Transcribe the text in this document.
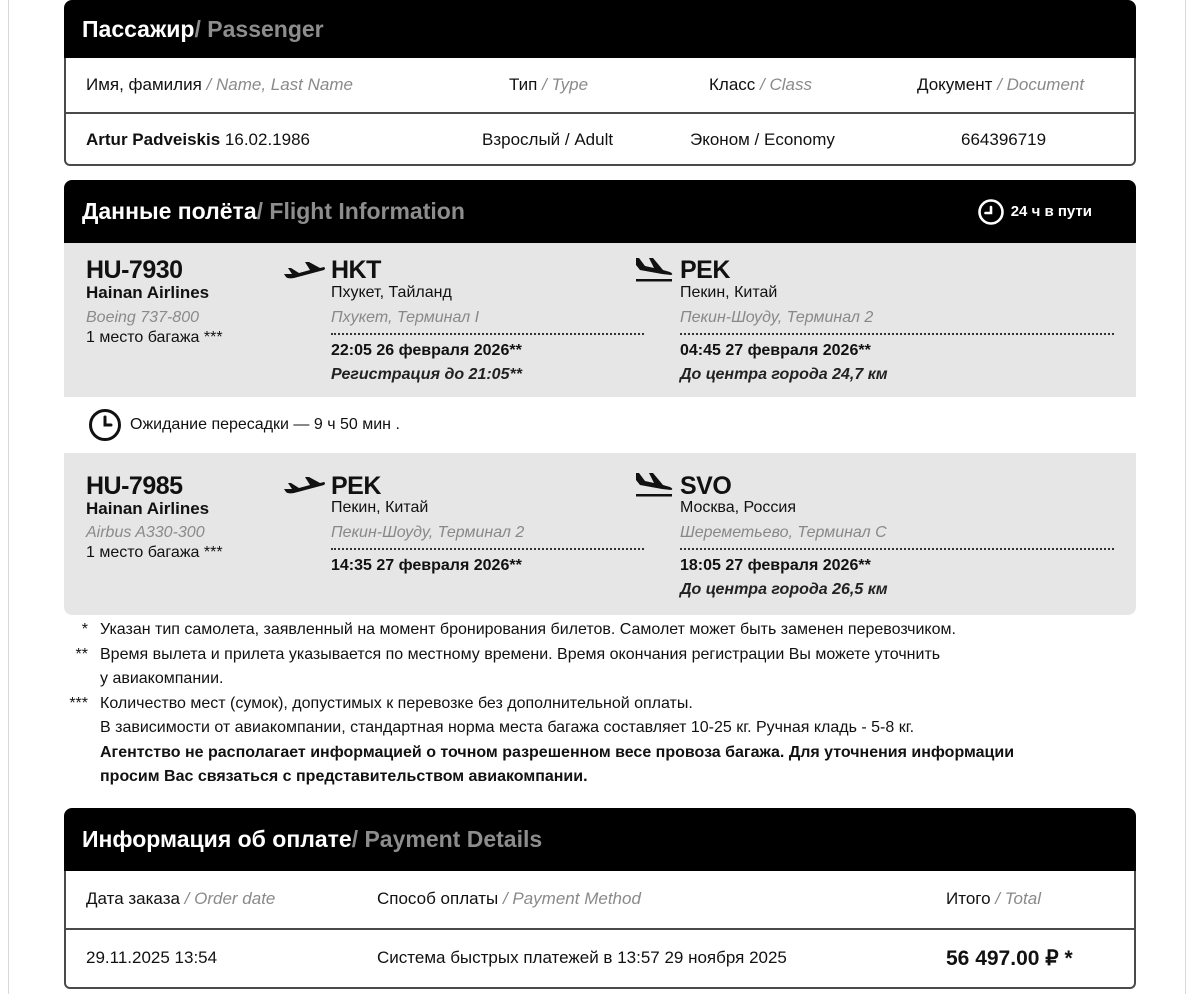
Пассажир / Passenger
Имя, фамилия / Name, Last Name	Тип / Type	Класс / Class	Документ / Document
Artur Padveiskis 16.02.1986	Взрослый / Adult	Эконом / Economy	664396719
Данные полёта / Flight Information	24 ч в пути
HU-7930
Hainan Airlines
Boeing 737-800
1 место багажа ***
HKT
Пхукет, Тайланд
Пхукет, Терминал I
22:05 26 февраля 2026**
Регистрация до 21:05**
PEK
Пекин, Китай
Пекин-Шоуду, Терминал 2
04:45 27 февраля 2026**
До центра города 24,7 км
Ожидание пересадки — 9 ч 50 мин .
HU-7985
Hainan Airlines
Airbus A330-300
1 место багажа ***
PEK
Пекин, Китай
Пекин-Шоуду, Терминал 2
14:35 27 февраля 2026**
SVO
Москва, Россия
Шереметьево, Терминал C
18:05 27 февраля 2026**
До центра города 26,5 км
* Указан тип самолета, заявленный на момент бронирования билетов. Самолет может быть заменен перевозчиком.
** Время вылета и прилета указывается по местному времени. Время окончания регистрации Вы можете уточнить
у авиакомпании.
*** Количество мест (сумок), допустимых к перевозке без дополнительной оплаты.
В зависимости от авиакомпании, стандартная норма места багажа составляет 10-25 кг. Ручная кладь - 5-8 кг.
Агентство не располагает информацией о точном разрешенном весе провоза багажа. Для уточнения информации
просим Вас связаться с представительством авиакомпании.
Информация об оплате / Payment Details
Дата заказа / Order date	Способ оплаты / Payment Method	Итого / Total
29.11.2025 13:54	Система быстрых платежей в 13:57 29 ноября 2025	56 497.00 ₽ *
